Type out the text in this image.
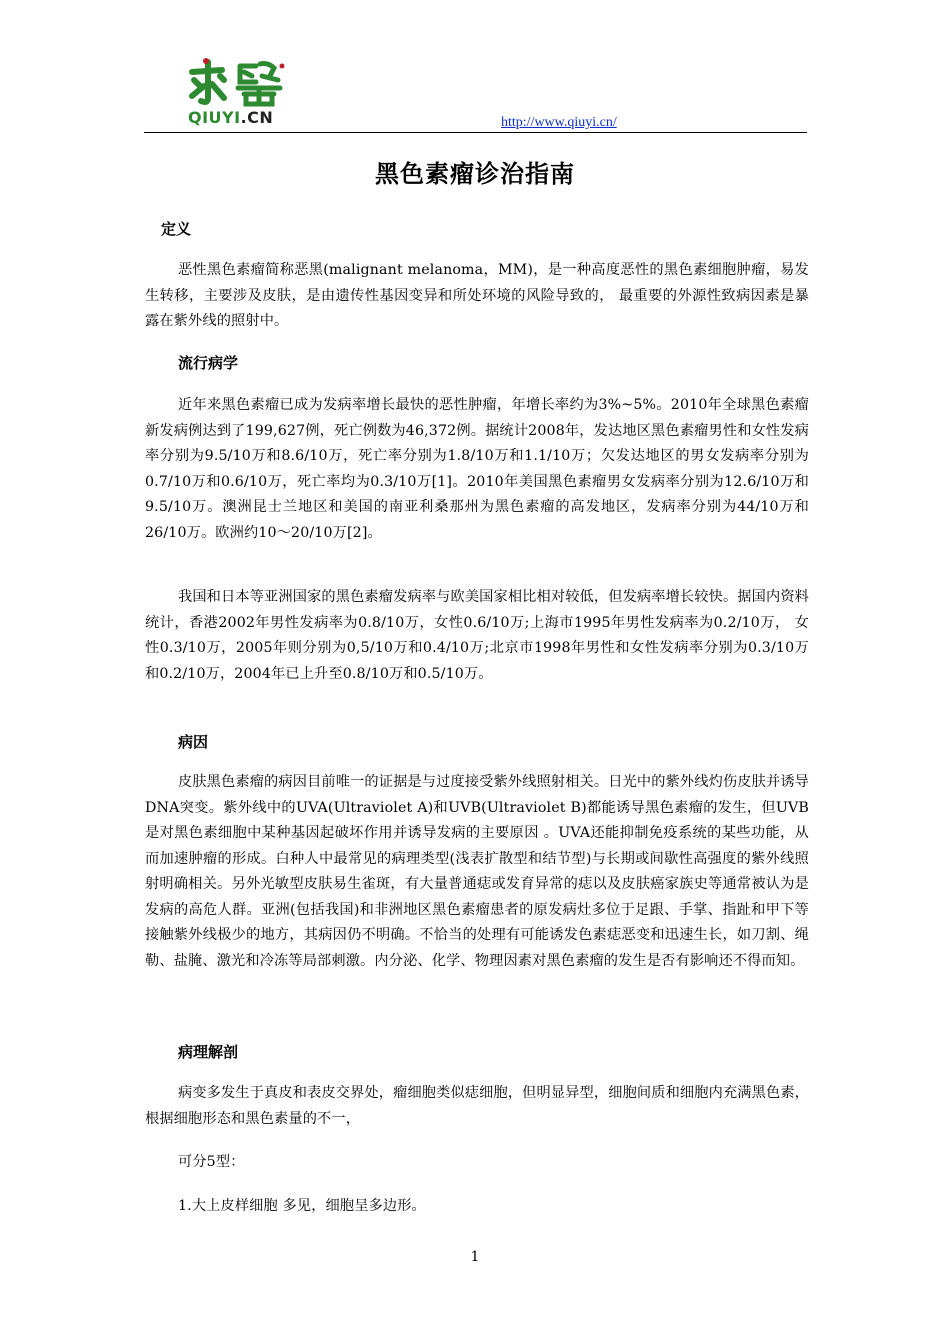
QIUYI.CN	http://www.qiuyi.cn/
黑色素瘤诊治指南
定义
恶性黑色素瘤简称恶黑(malignant melanoma，MM)，是一种高度恶性的黑色素细胞肿瘤，易发生转移，主要涉及皮肤，是由遗传性基因变异和所处环境的风险导致的， 最重要的外源性致病因素是暴露在紫外线的照射中。
流行病学
近年来黑色素瘤已成为发病率增长最快的恶性肿瘤，年增长率约为3%~5%。2010年全球黑色素瘤新发病例达到了199,627例，死亡例数为46,372例。据统计2008年，发达地区黑色素瘤男性和女性发病率分别为9.5/10万和8.6/10万，死亡率分别为1.8/10万和1.1/10万；欠发达地区的男女发病率分别为0.7/10万和0.6/10万，死亡率均为0.3/10万[1]。2010年美国黑色素瘤男女发病率分别为12.6/10万和9.5/10万。澳洲昆士兰地区和美国的南亚利桑那州为黑色素瘤的高发地区，发病率分别为44/10万和26/10万。欧洲约10～20/10万[2]。
我国和日本等亚洲国家的黑色素瘤发病率与欧美国家相比相对较低，但发病率增长较快。据国内资料统计，香港2002年男性发病率为0.8/10万，女性0.6/10万;上海市1995年男性发病率为0.2/10万， 女性0.3/10万，2005年则分别为0,5/10万和0.4/10万;北京市1998年男性和女性发病率分别为0.3/10万和0.2/10万，2004年已上升至0.8/10万和0.5/10万。
病因
皮肤黑色素瘤的病因目前唯一的证据是与过度接受紫外线照射相关。日光中的紫外线灼伤皮肤并诱导DNA突变。紫外线中的UVA(Ultraviolet A)和UVB(Ultraviolet B)都能诱导黑色素瘤的发生，但UVB是对黑色素细胞中某种基因起破坏作用并诱导发病的主要原因 。UVA还能抑制免疫系统的某些功能，从而加速肿瘤的形成。白种人中最常见的病理类型(浅表扩散型和结节型)与长期或间歇性高强度的紫外线照射明确相关。另外光敏型皮肤易生雀斑，有大量普通痣或发育异常的痣以及皮肤癌家族史等通常被认为是发病的高危人群。亚洲(包括我国)和非洲地区黑色素瘤患者的原发病灶多位于足跟、手掌、指趾和甲下等接触紫外线极少的地方，其病因仍不明确。不恰当的处理有可能诱发色素痣恶变和迅速生长，如刀割、绳勒、盐腌、激光和冷冻等局部刺激。内分泌、化学、物理因素对黑色素瘤的发生是否有影响还不得而知。
病理解剖
病变多发生于真皮和表皮交界处，瘤细胞类似痣细胞，但明显异型，细胞间质和细胞内充满黑色素，根据细胞形态和黑色素量的不一，
可分5型：
1.大上皮样细胞 多见，细胞呈多边形。
1
